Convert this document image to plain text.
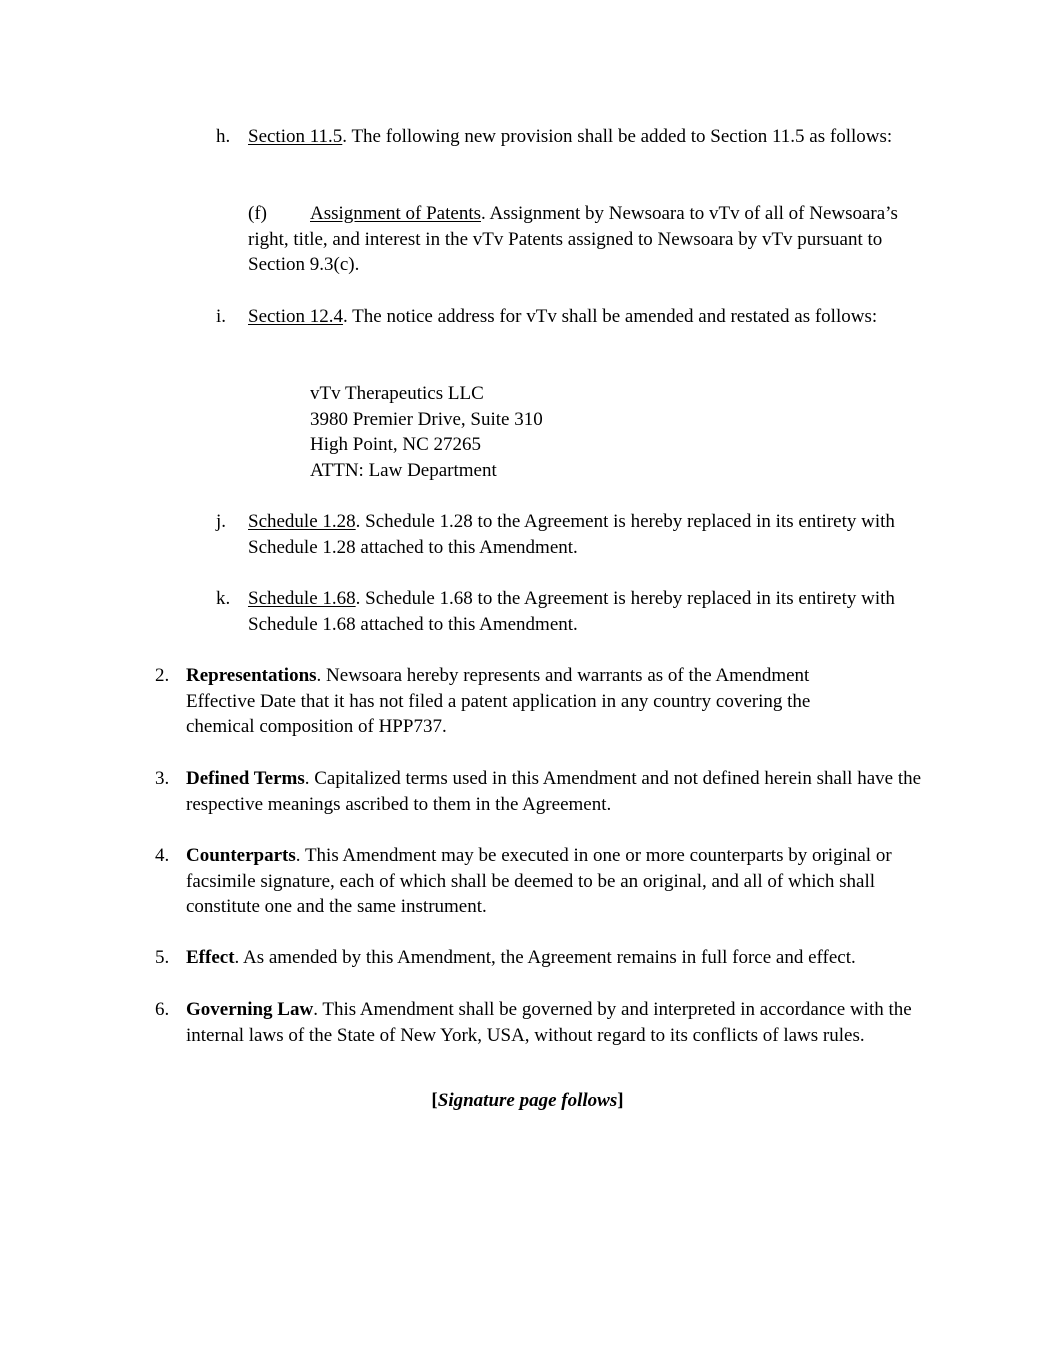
h. Section 11.5. The following new provision shall be added to Section 11.5 as follows:
(f) Assignment of Patents. Assignment by Newsoara to vTv of all of Newsoara’s right, title, and interest in the vTv Patents assigned to Newsoara by vTv pursuant to Section 9.3(c).
i. Section 12.4. The notice address for vTv shall be amended and restated as follows:
vTv Therapeutics LLC
3980 Premier Drive, Suite 310
High Point, NC 27265
ATTN: Law Department
j. Schedule 1.28. Schedule 1.28 to the Agreement is hereby replaced in its entirety with Schedule 1.28 attached to this Amendment.
k. Schedule 1.68. Schedule 1.68 to the Agreement is hereby replaced in its entirety with Schedule 1.68 attached to this Amendment.
2. Representations. Newsoara hereby represents and warrants as of the Amendment Effective Date that it has not filed a patent application in any country covering the chemical composition of HPP737.
3. Defined Terms. Capitalized terms used in this Amendment and not defined herein shall have the respective meanings ascribed to them in the Agreement.
4. Counterparts. This Amendment may be executed in one or more counterparts by original or facsimile signature, each of which shall be deemed to be an original, and all of which shall constitute one and the same instrument.
5. Effect. As amended by this Amendment, the Agreement remains in full force and effect.
6. Governing Law. This Amendment shall be governed by and interpreted in accordance with the internal laws of the State of New York, USA, without regard to its conflicts of laws rules.
[Signature page follows]
